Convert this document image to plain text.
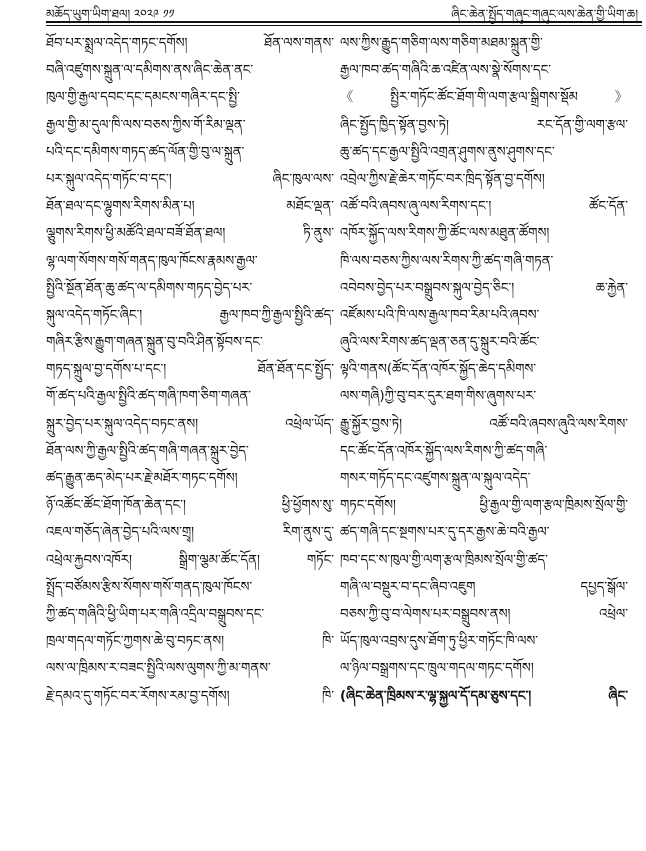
མཆོད་ཡུག་ཡིག་ཐལ། ༢༠༢༩ ༡༡	ཞིང་ཆེན་སྤྱོད་གཞུང་གཞུང་ལས་ཆེན་གྱི་ཡིག་ཆ།
ཐོབ་པར་སྨྲལ་འདེད་གཏང་དགོས། ཐོན་ལས་གནས་
བཞི་འཛུགས་སྐྲུན་ལ་དམིགས་ནས་ཞིང་ཆེན་ནང་
ཁུལ་གྱི་རྒྱལ་དབང་དང་དམངས་གཞིར་དང་སྤྱི་
རྒྱལ་གྱི་མ་དུལ་ཁི་ལས་བཅས་ཀྱིས་གོ་རིམ་ལྡན་
པའི་དང་དམིགས་གཏད་ཚད་ལོན་གྱི་བུ་ལ་སྐྲུན་
པར་སྐུལ་འདེད་གཏོང་བ་དང་། ཞིང་ཁུལ་ལས་
ཐོན་ཐལ་དང་ལྷུགས་རིགས་མིན་པ། མཐོང་ལྡན་
ལྕུགས་རིགས་ཕྱི་མཚོའི་ཐལ་བཟོ་ཐོན་ཐལ། ཏི་ནུས་
ལྷ་ལག་སོགས་གསོ་གནད་ཁུལ་ཁོངས་རྣམས་རྒྱལ་
སྤྱིའི་སྔོན་ཐོན་ཆུ་ཚད་ལ་དམིགས་གཏད་བྱེད་པར་
སྐུལ་འདེད་གཏོང་ཞིང་། རྒྱལ་ཁབ་ཀྱི་རྒྱལ་སྤྱིའི་ཚད་
གཞིར་རྩིས་རྒྱུག་གཞན་སྐྲུན་བུ་བའི་ཤིན་སྟོབས་དང་
གཏད་སྐྲུལ་བྱ་དགོས་པ་དང་། ཐོན་ཐོན་དང་སྤྱོད་
གོ་ཚད་པའི་རྒྱལ་སྤྱིའི་ཚད་གཞི་ཁག་ཅིག་གཞན་
སྐྲུར་བྱེད་པར་སྐུལ་འདེད་བཏང་ནས། འཕྲེལ་ཡོད་
ཐོན་ལས་ཀྱི་རྒྱལ་སྤྱིའི་ཚད་གཞི་གཞན་སྐྲུར་བྱེད་
ཚད་རྒྱུན་ཆད་མེད་པར་རྗེ་མཐོར་གཏང་དགོས།
ཉོ་འཚོང་ཚོང་ཐོག་ཁོན་ཆེན་དང་། ཕྱི་ཕྱོགས་སུ་
འཇལ་གཅོད་ཞེན་བྱེད་པའི་ལས་གྲྭ། རིག་ནུས་དུ་
འཕྲེལ་རྐྱབས་འཁོར། སྒྲིག་ལྕམ་ཚོང་དོན། གཏོང་
སྤྲོད་བཙོམས་རྩིས་སོགས་གསོ་གནད་ཁུལ་ཁོངས་
ཀྱི་ཚད་གཞིའི་ཕྱི་ཡིག་པར་གཞི་འདྲིལ་བསྒྲུབས་དང་
ཁྲལ་གདལ་གཏོང་ཀྱགས་ཆེ་བུ་བཏང་ནས། ཁི་
ལས་ལ་ཁྲིམས་ར་བཟང་སྤྱིའི་ལས་ལུགས་ཀྱི་མ་གནས་
རྗེ་དམའ་དུ་གཏོང་བར་རོགས་རམ་བྱ་དགོས། ཁི་
ལས་ཀྱིས་རྒྱུད་གཅིག་ལས་གཅིག་མཐམ་སྐྲུན་གྱི་
རྒྱལ་ཁབ་ཚད་གཞིའི་ཆ་འཛིན་ལས་སྣེ་སོགས་དང་
《སྤྱིར་གཏོང་ཚོང་ཐོག་གི་ལག་རྩལ་སྒྲིགས་སྡོམ》
ཞིང་སྤྱོད་ཁྱིད་སྟོན་བྱས་ཏེ། རང་དོན་གྱི་ལག་རྩལ་
ཆུ་ཚད་དང་རྒྱལ་སྤྱིའི་འགྲན་ཤུགས་ནུས་ཤུགས་དང་
འབྲེལ་ཀྱིས་རྗེ་ཆེར་གཏོང་བར་ཁྲིད་སྟོན་བྱ་དགོས།
འཚོ་བའི་ཞབས་ཞུ་ལས་རིགས་དང་། ཚོང་དོན་
འཁོར་སྐྱོད་ལས་རིགས་ཀྱི་ཚོང་ལས་མཐུན་ཚོགས།
ཁི་ལས་བཅས་ཀྱིས་ལས་རིགས་ཀྱི་ཚད་གཞི་གཏན་
འབེབས་བྱེད་པར་བསྒྲུབས་སྐུལ་བྱེད་ཅིང་། ཆ་རྐྱེན་
འཛོམས་པའི་ཁི་ལས་རྒྱལ་ཁབ་རིམ་པའི་ཞབས་
ཞུའི་ལས་རིགས་ཚད་ལྡན་ཅན་དུ་སྐྲུར་བའི་ཚོང་
ལྟའི་གནས(ཚོང་དོན་འཁོར་སྐྱོད་ཆེད་དམིགས་
ལས་གཞི)ཀྱི་བུ་བར་དུར་ཐག་གིས་ཞུགས་པར་
རྒྱུ་སྐྱོར་བྱས་ཏེ། འཚོ་བའི་ཞབས་ཞུའི་ལས་རིགས་
དང་ཚོང་དོན་འཁོར་སྐྱོད་ལས་རིགས་ཀྱི་ཚད་གཞི་
གསར་གཏོད་དང་འཛུགས་སྐྲུན་ལ་སྐུལ་འདེད་
གཏང་དགོས། ཕྱི་རྒྱལ་གྱི་ལག་རྩལ་ཁྲིམས་སྲོལ་གྱི་
ཚད་གཞི་དང་སྔགས་པར་དུ་དར་རྒྱས་ཆེ་བའི་རྒྱལ་
ཁབ་དང་ས་ཁུལ་གྱི་ལག་རྩལ་ཁྲིམས་སྲོལ་གྱི་ཚད་
གཞི་ལ་བསྡུར་བ་དང་ཞིབ་འཇུག དཔྱད་སྒོལ་
བཅས་ཀྱི་བུ་བ་ལེགས་པར་བསྒྲུབས་ནས། འཕྲེལ་
ཡོད་ཁུལ་འབྲས་དུས་ཐོག་ཏུ་ཕྱིར་གཏོང་ཁི་ལས་
ལ་ཉིལ་བསྒྲགས་དང་ཁྲུལ་གདལ་གཏང་དགོས།
(ཞིང་ཆེན་ཁྲིམས་ར་ལྷ་སྐྱལ་དོ་དམ་ཅུས་དང་། ཞིང་
